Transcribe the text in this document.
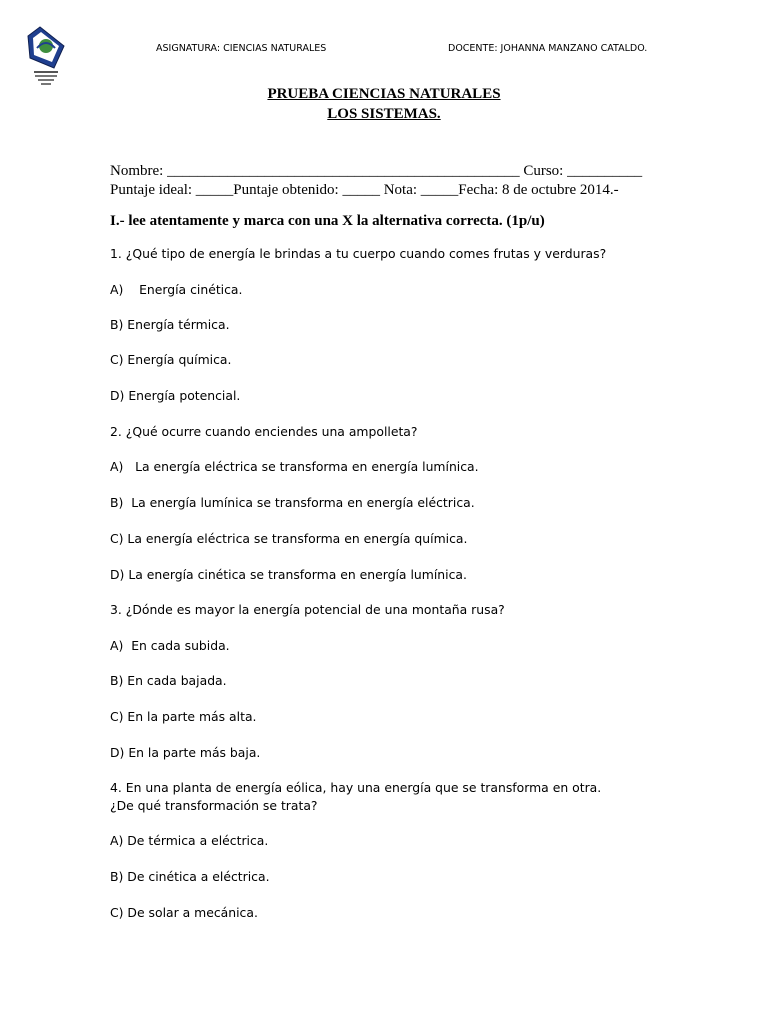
ASIGNATURA: CIENCIAS NATURALES	DOCENTE: JOHANNA MANZANO CATALDO.
PRUEBA CIENCIAS NATURALES
LOS SISTEMAS.
Nombre: _______________________________________________ Curso: __________
Puntaje ideal: _____Puntaje obtenido: _____ Nota: _____Fecha: 8 de octubre 2014.-
I.- lee atentamente y marca con una X la alternativa correcta. (1p/u)
1. ¿Qué tipo de energía le brindas a tu cuerpo cuando comes frutas y verduras?
A)    Energía cinética.
B) Energía térmica.
C) Energía química.
D) Energía potencial.
2. ¿Qué ocurre cuando enciendes una ampolleta?
A)   La energía eléctrica se transforma en energía lumínica.
B)  La energía lumínica se transforma en energía eléctrica.
C) La energía eléctrica se transforma en energía química.
D) La energía cinética se transforma en energía lumínica.
3. ¿Dónde es mayor la energía potencial de una montaña rusa?
A)  En cada subida.
B) En cada bajada.
C) En la parte más alta.
D) En la parte más baja.
4. En una planta de energía eólica, hay una energía que se transforma en otra.
¿De qué transformación se trata?
A) De térmica a eléctrica.
B) De cinética a eléctrica.
C) De solar a mecánica.
